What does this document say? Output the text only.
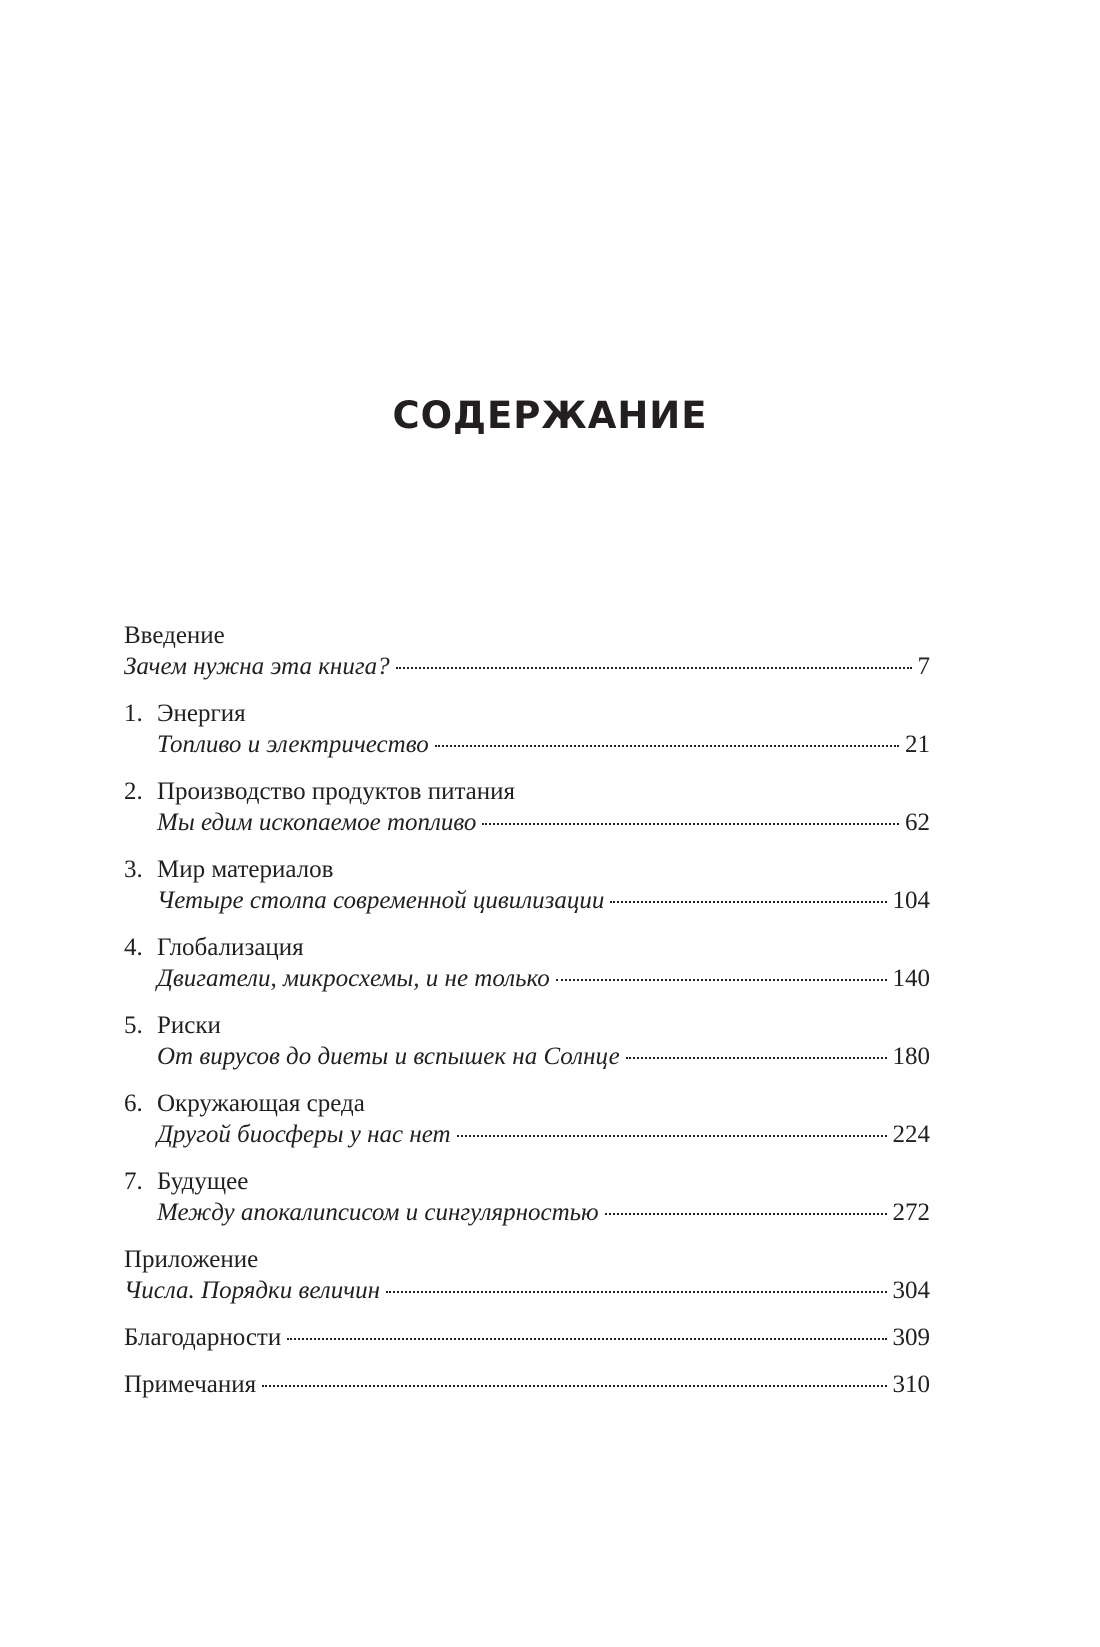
СОДЕРЖАНИЕ
Введение
Зачем нужна эта книга?	7
1. Энергия
Топливо и электричество	21
2. Производство продуктов питания
Мы едим ископаемое топливо	62
3. Мир материалов
Четыре столпа современной цивилизации	104
4. Глобализация
Двигатели, микросхемы, и не только	140
5. Риски
От вирусов до диеты и вспышек на Солнце	180
6. Окружающая среда
Другой биосферы у нас нет	224
7. Будущее
Между апокалипсисом и сингулярностью	272
Приложение
Числа. Порядки величин	304
Благодарности	309
Примечания	310
